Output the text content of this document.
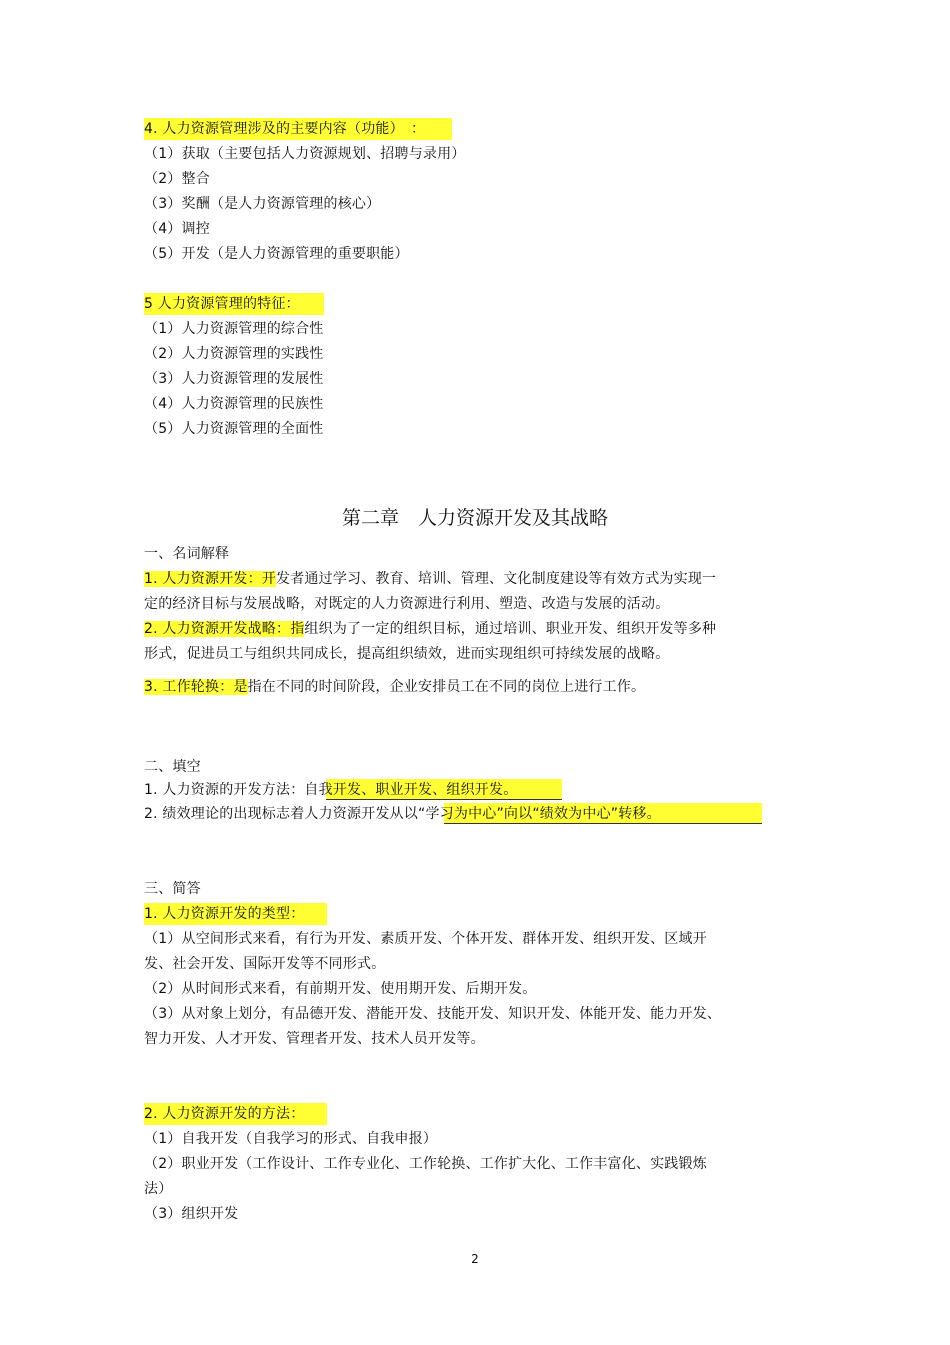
4. 人力资源管理涉及的主要内容（功能）　：
（1）获取（主要包括人力资源规划、招聘与录用）
（2）整合
（3）奖酬（是人力资源管理的核心）
（4）调控
（5）开发（是人力资源管理的重要职能）
5 人力资源管理的特征：
（1）人力资源管理的综合性
（2）人力资源管理的实践性
（3）人力资源管理的发展性
（4）人力资源管理的民族性
（5）人力资源管理的全面性
第二章　人力资源开发及其战略
一、名词解释
1. 人力资源开发：开发者通过学习、教育、培训、管理、文化制度建设等有效方式为实现一
定的经济目标与发展战略，对既定的人力资源进行利用、塑造、改造与发展的活动。
2. 人力资源开发战略：指组织为了一定的组织目标，通过培训、职业开发、组织开发等多种
形式，促进员工与组织共同成长，提高组织绩效，进而实现组织可持续发展的战略。
3. 工作轮换：是指在不同的时间阶段，企业安排员工在不同的岗位上进行工作。
二、填空
1. 人力资源的开发方法：自我开发、职业开发、组织开发。
2. 绩效理论的出现标志着人力资源开发从以“学习为中心”向以“绩效为中心”转移。
三、简答
1. 人力资源开发的类型：
（1）从空间形式来看，有行为开发、素质开发、个体开发、群体开发、组织开发、区域开
发、社会开发、国际开发等不同形式。
（2）从时间形式来看，有前期开发、使用期开发、后期开发。
（3）从对象上划分，有品德开发、潜能开发、技能开发、知识开发、体能开发、能力开发、
智力开发、人才开发、管理者开发、技术人员开发等。
2. 人力资源开发的方法：
（1）自我开发（自我学习的形式、自我申报）
（2）职业开发（工作设计、工作专业化、工作轮换、工作扩大化、工作丰富化、实践锻炼
法）
（3）组织开发
2
